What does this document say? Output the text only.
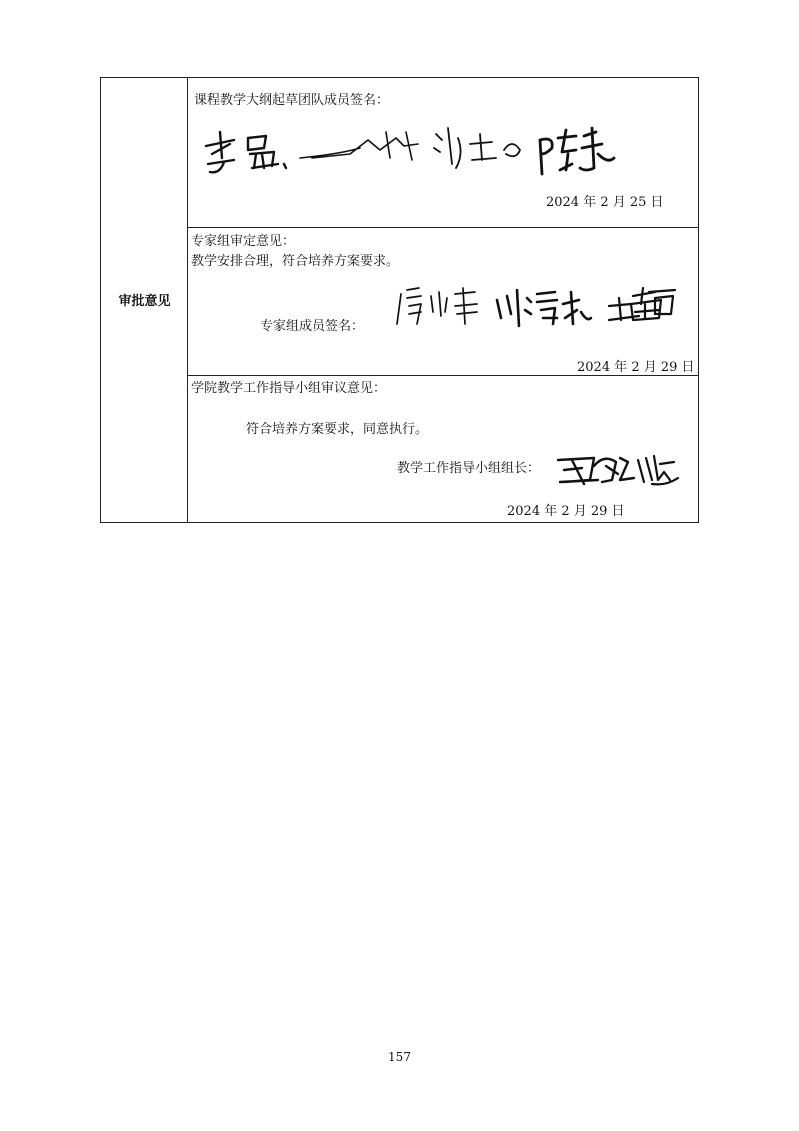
审批意见
课程教学大纲起草团队成员签名：
2024 年 2 月 25 日
专家组审定意见：
教学安排合理，符合培养方案要求。
专家组成员签名：
2024 年 2 月 29 日
学院教学工作指导小组审议意见：
符合培养方案要求，同意执行。
教学工作指导小组组长：
2024 年 2 月 29 日
157
